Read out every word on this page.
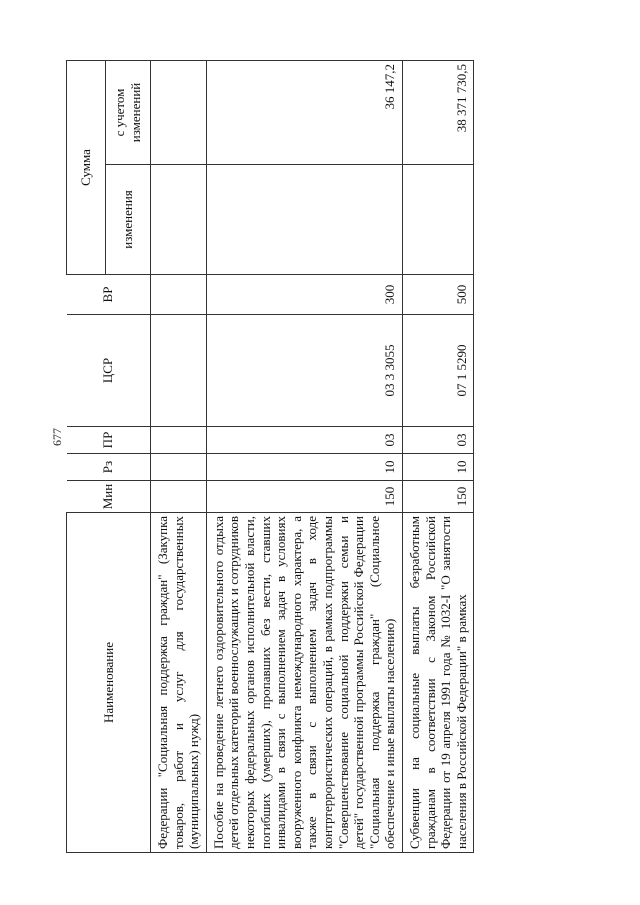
677
Наименование	Мин	Рз	ПР	ЦСР	ВР	Сумма	
						изменения	с учетом изменений
Федерации "Социальная поддержка граждан" (Закупка товаров, работ и услуг для государственных (муниципальных) нужд)							
Пособие на проведение летнего оздоровительного отдыха детей отдельных категорий военнослужащих и сотрудников некоторых федеральных органов исполнительной власти, погибших (умерших), пропавших без вести, ставших инвалидами в связи с выполнением задач в условиях вооруженного конфликта немеждународного характера, а также в связи с выполнением задач в ходе контртеррористических операций, в рамках подпрограммы "Совершенствование социальной поддержки семьи и детей" государственной программы Российской Федерации "Социальная поддержка граждан" (Социальное обеспечение и иные выплаты населению)	150	10	03	03 3 3055	300		36 147,2
Субвенции на социальные выплаты безработным гражданам в соответствии с Законом Российской Федерации от 19 апреля 1991 года № 1032-I "О занятости населения в Российской Федерации" в рамках	150	10	03	07 1 5290	500		38 371 730,5
